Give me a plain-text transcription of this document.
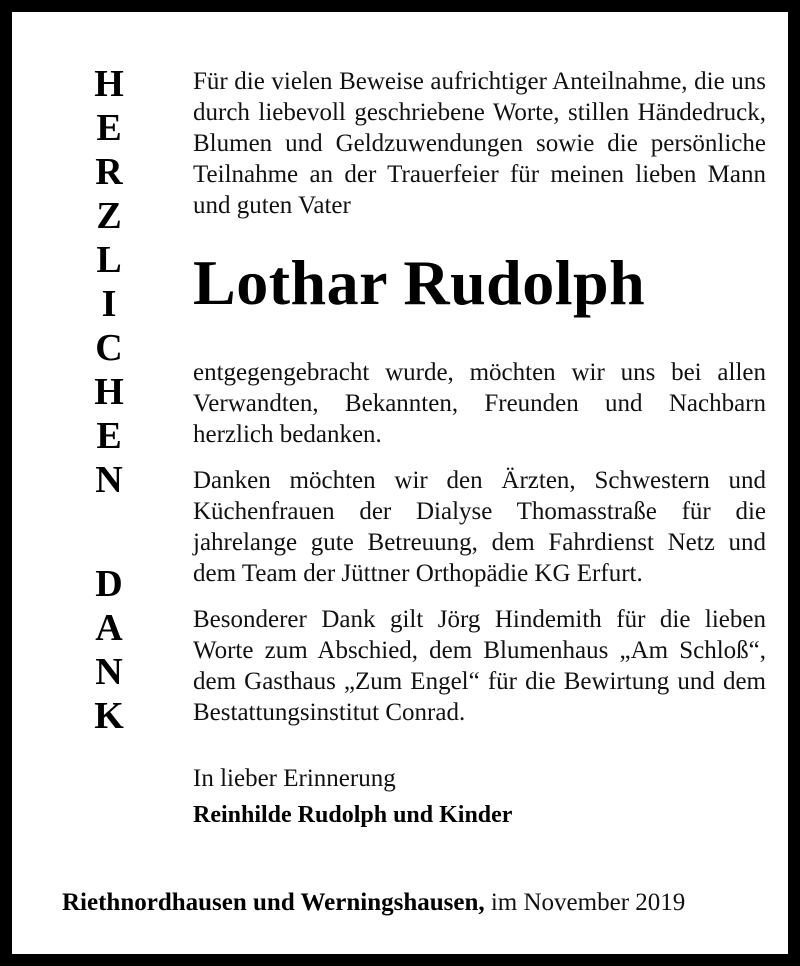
H
E
R
Z
L
I
C
H
E
N
D
A
N
K

Für die vielen Beweise aufrichtiger Anteilnahme, die uns durch liebevoll geschriebene Worte, stillen Händedruck, Blumen und Geldzuwendungen sowie die persönliche Teilnahme an der Trauerfeier für meinen lieben Mann und guten Vater

Lothar Rudolph

entgegengebracht wurde, möchten wir uns bei allen Verwandten, Bekannten, Freunden und Nachbarn herzlich bedanken.

Danken möchten wir den Ärzten, Schwestern und Küchenfrauen der Dialyse Thomasstraße für die jahrelange gute Betreuung, dem Fahrdienst Netz und dem Team der Jüttner Orthopädie KG Erfurt.

Besonderer Dank gilt Jörg Hindemith für die lieben Worte zum Abschied, dem Blumenhaus „Am Schloß“, dem Gasthaus „Zum Engel“ für die Bewirtung und dem Bestattungsinstitut Conrad.

In lieber Erinnerung
Reinhilde Rudolph und Kinder
Riethnordhausen und Werningshausen, im November 2019
